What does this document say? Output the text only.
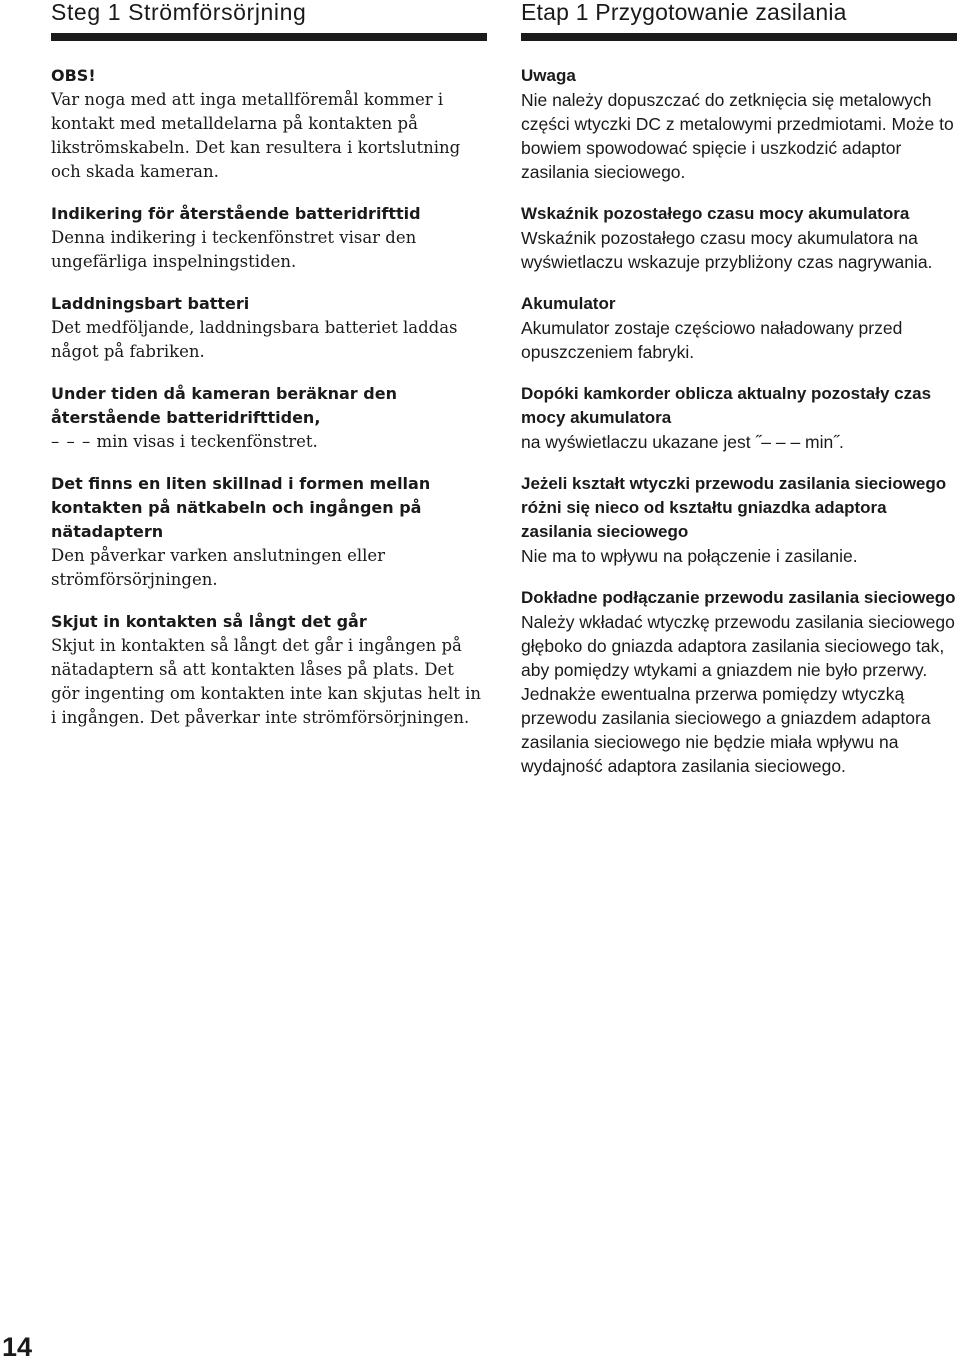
Steg 1 Strömförsörjning
OBS!
Var noga med att inga metallföremål kommer i kontakt med metalldelarna på kontakten på likströmskabeln. Det kan resultera i kortslutning och skada kameran.
Indikering för återstående batteridrifttid
Denna indikering i teckenfönstret visar den ungefärliga inspelningstiden.
Laddningsbart batteri
Det medföljande, laddningsbara batteriet laddas något på fabriken.
Under tiden då kameran beräknar den återstående batteridrifttiden,
– – – min visas i teckenfönstret.
Det finns en liten skillnad i formen mellan kontakten på nätkabeln och ingången på nätadaptern
Den påverkar varken anslutningen eller strömförsörjningen.
Skjut in kontakten så långt det går
Skjut in kontakten så långt det går i ingången på nätadaptern så att kontakten låses på plats. Det gör ingenting om kontakten inte kan skjutas helt in i ingången. Det påverkar inte strömförsörjningen.
Etap 1 Przygotowanie zasilania
Uwaga
Nie należy dopuszczać do zetknięcia się metalowych części wtyczki DC z metalowymi przedmiotami. Może to bowiem spowodować spięcie i uszkodzić adaptor zasilania sieciowego.
Wskaźnik pozostałego czasu mocy akumulatora
Wskaźnik pozostałego czasu mocy akumulatora na wyświetlaczu wskazuje przybliżony czas nagrywania.
Akumulator
Akumulator zostaje częściowo naładowany przed opuszczeniem fabryki.
Dopóki kamkorder oblicza aktualny pozostały czas mocy akumulatora
na wyświetlaczu ukazane jest ˝– – – min˝.
Jeżeli kształt wtyczki przewodu zasilania sieciowego różni się nieco od kształtu gniazdka adaptora zasilania sieciowego
Nie ma to wpływu na połączenie i zasilanie.
Dokładne podłączanie przewodu zasilania sieciowego
Należy wkładać wtyczkę przewodu zasilania sieciowego głęboko do gniazda adaptora zasilania sieciowego tak, aby pomiędzy wtykami a gniazdem nie było przerwy. Jednakże ewentualna przerwa pomiędzy wtyczką przewodu zasilania sieciowego a gniazdem adaptora zasilania sieciowego nie będzie miała wpływu na wydajność adaptora zasilania sieciowego.
14
